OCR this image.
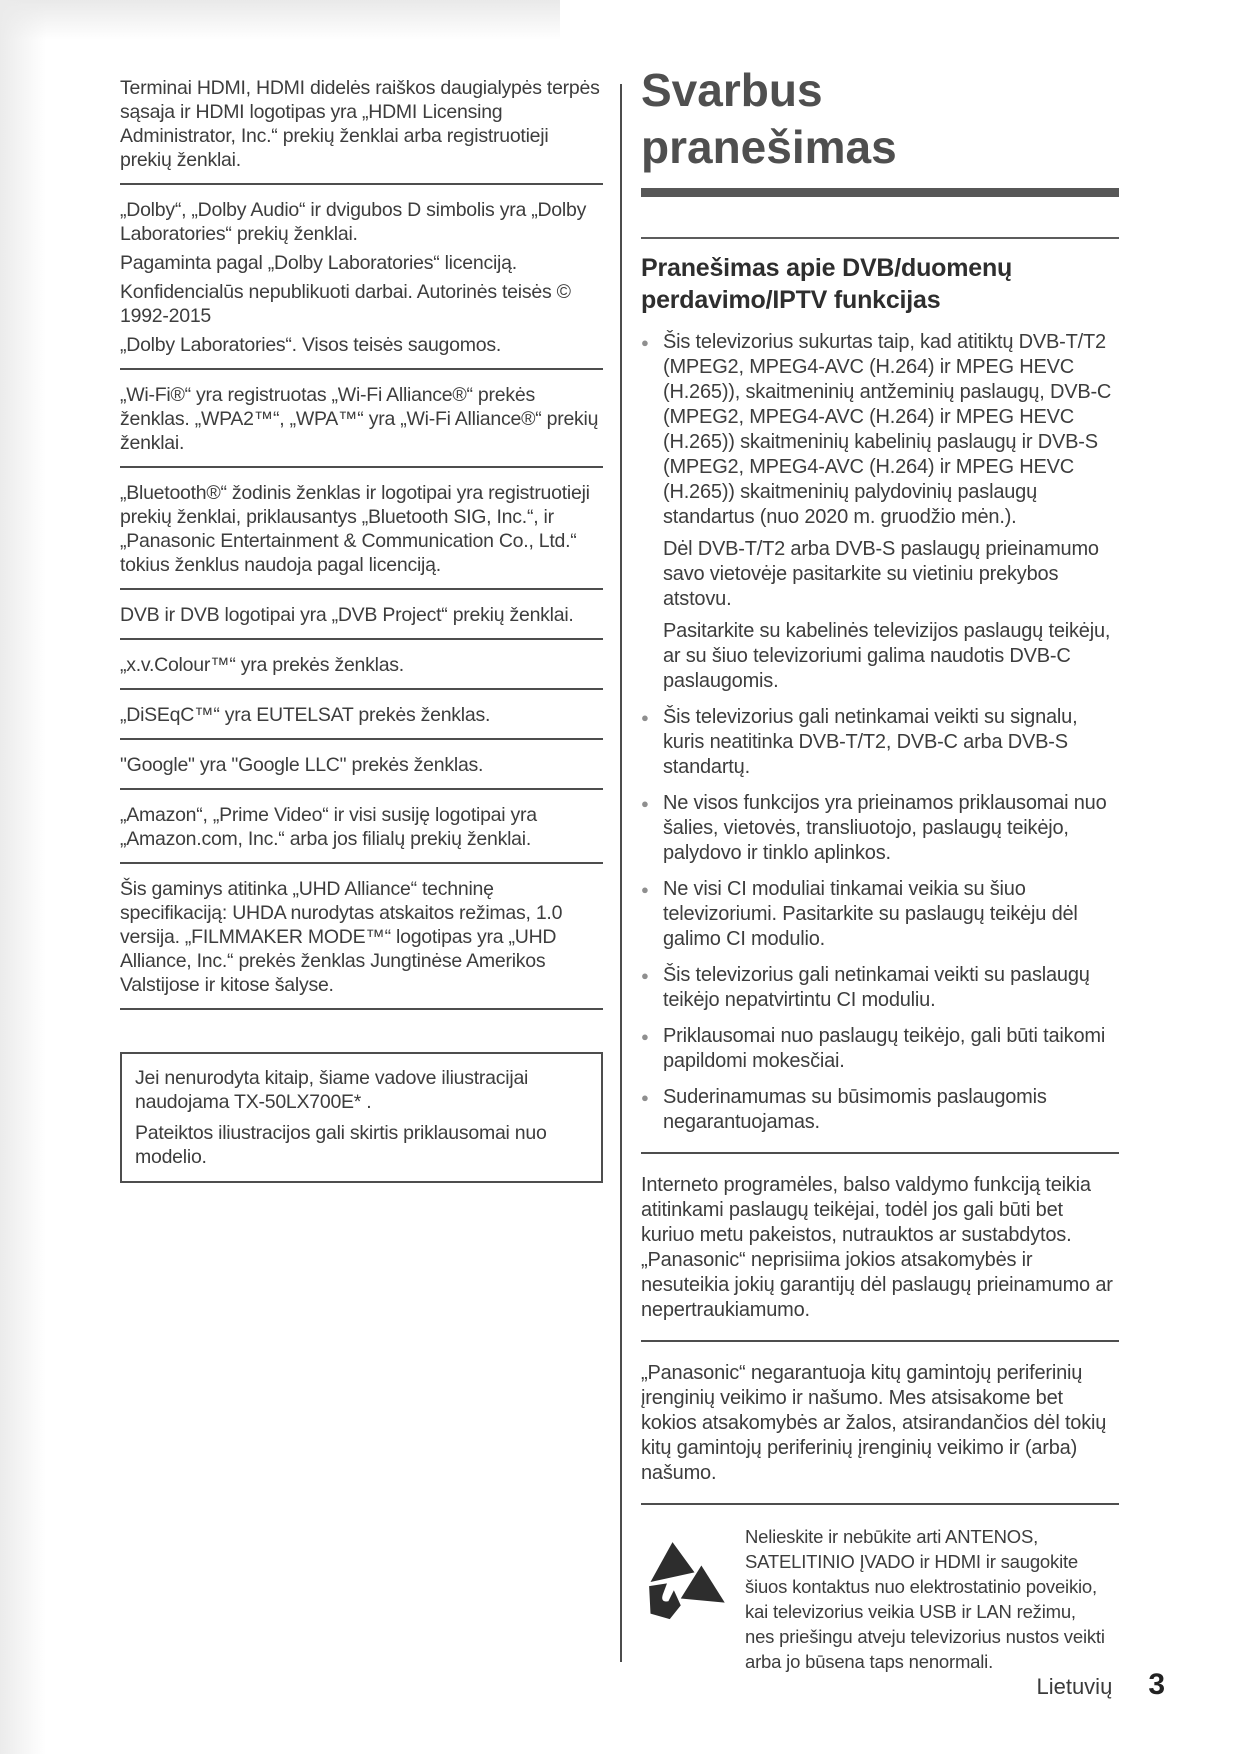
Terminai HDMI, HDMI didelės raiškos daugialypės terpės sąsaja ir HDMI logotipas yra „HDMI Licensing Administrator, Inc.“ prekių ženklai arba registruotieji prekių ženklai.

„Dolby“, „Dolby Audio“ ir dvigubos D simbolis yra „Dolby Laboratories“ prekių ženklai.

Pagaminta pagal „Dolby Laboratories“ licenciją.

Konfidencialūs nepublikuoti darbai. Autorinės teisės © 1992-2015

„Dolby Laboratories“. Visos teisės saugomos.

„Wi-Fi®“ yra registruotas „Wi-Fi Alliance®“ prekės ženklas. „WPA2™“, „WPA™“ yra „Wi-Fi Alliance®“ prekių ženklai.

„Bluetooth®“ žodinis ženklas ir logotipai yra registruotieji prekių ženklai, priklausantys „Bluetooth SIG, Inc.“, ir „Panasonic Entertainment & Communication Co., Ltd.“ tokius ženklus naudoja pagal licenciją.

DVB ir DVB logotipai yra „DVB Project“ prekių ženklai.

„x.v.Colour™“ yra prekės ženklas.

„DiSEqC™“ yra EUTELSAT prekės ženklas.

"Google" yra "Google LLC" prekės ženklas.

„Amazon“, „Prime Video“ ir visi susiję logotipai yra „Amazon.com, Inc.“ arba jos filialų prekių ženklai.

Šis gaminys atitinka „UHD Alliance“ techninę specifikaciją: UHDA nurodytas atskaitos režimas, 1.0 versija. „FILMMAKER MODE™“ logotipas yra „UHD Alliance, Inc.“ prekės ženklas Jungtinėse Amerikos Valstijose ir kitose šalyse.

Jei nenurodyta kitaip, šiame vadove iliustracijai naudojama TX-50LX700E* .

Pateiktos iliustracijos gali skirtis priklausomai nuo modelio.

Svarbus pranešimas
Pranešimas apie DVB/duomenų perdavimo/IPTV funkcijas
● Šis televizorius sukurtas taip, kad atitiktų DVB-T/T2 (MPEG2, MPEG4-AVC (H.264) ir MPEG HEVC (H.265)), skaitmeninių antžeminių paslaugų, DVB-C (MPEG2, MPEG4-AVC (H.264) ir MPEG HEVC (H.265)) skaitmeninių kabelinių paslaugų ir DVB-S (MPEG2, MPEG4-AVC (H.264) ir MPEG HEVC (H.265)) skaitmeninių palydovinių paslaugų standartus (nuo 2020 m. gruodžio mėn.).

Dėl DVB-T/T2 arba DVB-S paslaugų prieinamumo savo vietovėje pasitarkite su vietiniu prekybos atstovu.

Pasitarkite su kabelinės televizijos paslaugų teikėju, ar su šiuo televizoriumi galima naudotis DVB-C paslaugomis.

● Šis televizorius gali netinkamai veikti su signalu, kuris neatitinka DVB-T/T2, DVB-C arba DVB-S standartų.

● Ne visos funkcijos yra prieinamos priklausomai nuo šalies, vietovės, transliuotojo, paslaugų teikėjo, palydovo ir tinklo aplinkos.

● Ne visi CI moduliai tinkamai veikia su šiuo televizoriumi. Pasitarkite su paslaugų teikėju dėl galimo CI modulio.

● Šis televizorius gali netinkamai veikti su paslaugų teikėjo nepatvirtintu CI moduliu.

● Priklausomai nuo paslaugų teikėjo, gali būti taikomi papildomi mokesčiai.

● Suderinamumas su būsimomis paslaugomis negarantuojamas.

Interneto programėles, balso valdymo funkciją teikia atitinkami paslaugų teikėjai, todėl jos gali būti bet kuriuo metu pakeistos, nutrauktos ar sustabdytos. „Panasonic“ neprisiima jokios atsakomybės ir nesuteikia jokių garantijų dėl paslaugų prieinamumo ar nepertraukiamumo.

„Panasonic“ negarantuoja kitų gamintojų periferinių įrenginių veikimo ir našumo. Mes atsisakome bet kokios atsakomybės ar žalos, atsirandančios dėl tokių kitų gamintojų periferinių įrenginių veikimo ir (arba) našumo.

Nelieskite ir nebūkite arti ANTENOS, SATELITINIO ĮVADO ir HDMI ir saugokite šiuos kontaktus nuo elektrostatinio poveikio, kai televizorius veikia USB ir LAN režimu, nes priešingu atveju televizorius nustos veikti arba jo būsena taps nenormali.

Lietuvių 3
